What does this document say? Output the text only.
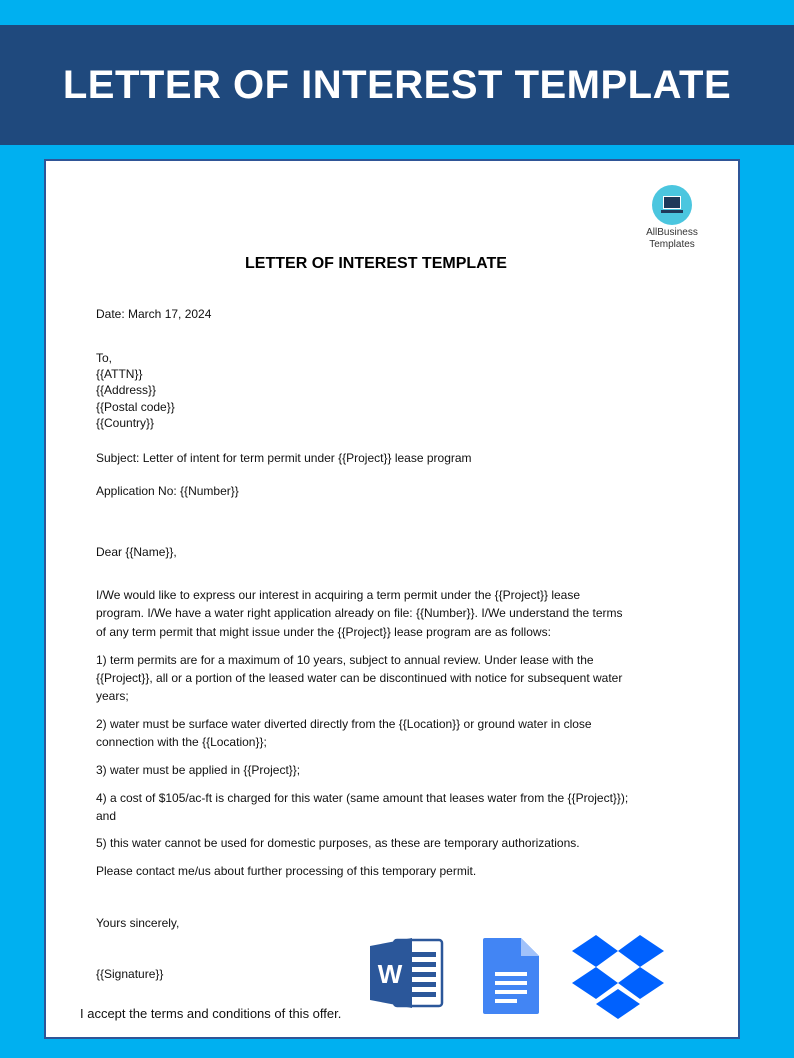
LETTER OF INTEREST TEMPLATE
AllBusiness
Templates
LETTER OF INTEREST TEMPLATE
Date: March 17, 2024
To,
{{ATTN}}
{{Address}}
{{Postal code}}
{{Country}}
Subject: Letter of intent for term permit under {{Project}} lease program
Application No: {{Number}}
Dear {{Name}},
I/We would like to express our interest in acquiring a term permit under the {{Project}} lease
program. I/We have a water right application already on file: {{Number}}. I/We understand the terms
of any term permit that might issue under the {{Project}} lease program are as follows:
1) term permits are for a maximum of 10 years, subject to annual review. Under lease with the
{{Project}}, all or a portion of the leased water can be discontinued with notice for subsequent water
years;
2) water must be surface water diverted directly from the {{Location}} or ground water in close
connection with the {{Location}};
3) water must be applied in {{Project}};
4) a cost of $105/ac-ft is charged for this water (same amount that leases water from the {{Project}});
and
5) this water cannot be used for domestic purposes, as these are temporary authorizations.
Please contact me/us about further processing of this temporary permit.
Yours sincerely,
{{Signature}}
I accept the terms and conditions of this offer.
W
